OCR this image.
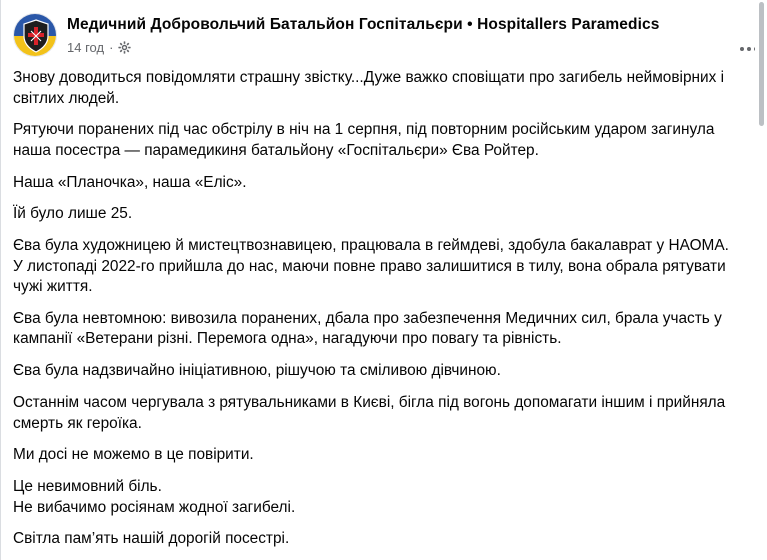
Медичний Добровольчий Батальйон Госпітальєри • Hospitallers Paramedics
14 год ·

Знову доводиться повідомляти страшну звістку...Дуже важко сповіщати про загибель неймовірних і світлих людей.

Рятуючи поранених під час обстрілу в ніч на 1 серпня, під повторним російським ударом загинула наша посестра — парамедикиня батальйону «Госпітальєри» Єва Ройтер.

Наша «Планочка», наша «Еліс».

Їй було лише 25.

Єва була художницею й мистецтвознавицею, працювала в геймдеві, здобула бакалаврат у НАОМА. У листопаді 2022-го прийшла до нас, маючи повне право залишитися в тилу, вона обрала рятувати чужі життя.

Єва була невтомною: вивозила поранених, дбала про забезпечення Медичних сил, брала участь у кампанії «Ветерани різні. Перемога одна», нагадуючи про повагу та рівність.

Єва була надзвичайно ініціативною, рішучою та сміливою дівчиною.

Останнім часом чергувала з рятувальниками в Києві, бігла під вогонь допомагати іншим і прийняла смерть як героїка.

Ми досі не можемо в це повірити.

Це невимовний біль.
Не вибачимо росіянам жодної загибелі.

Світла пам’ять нашій дорогій посестрі.
